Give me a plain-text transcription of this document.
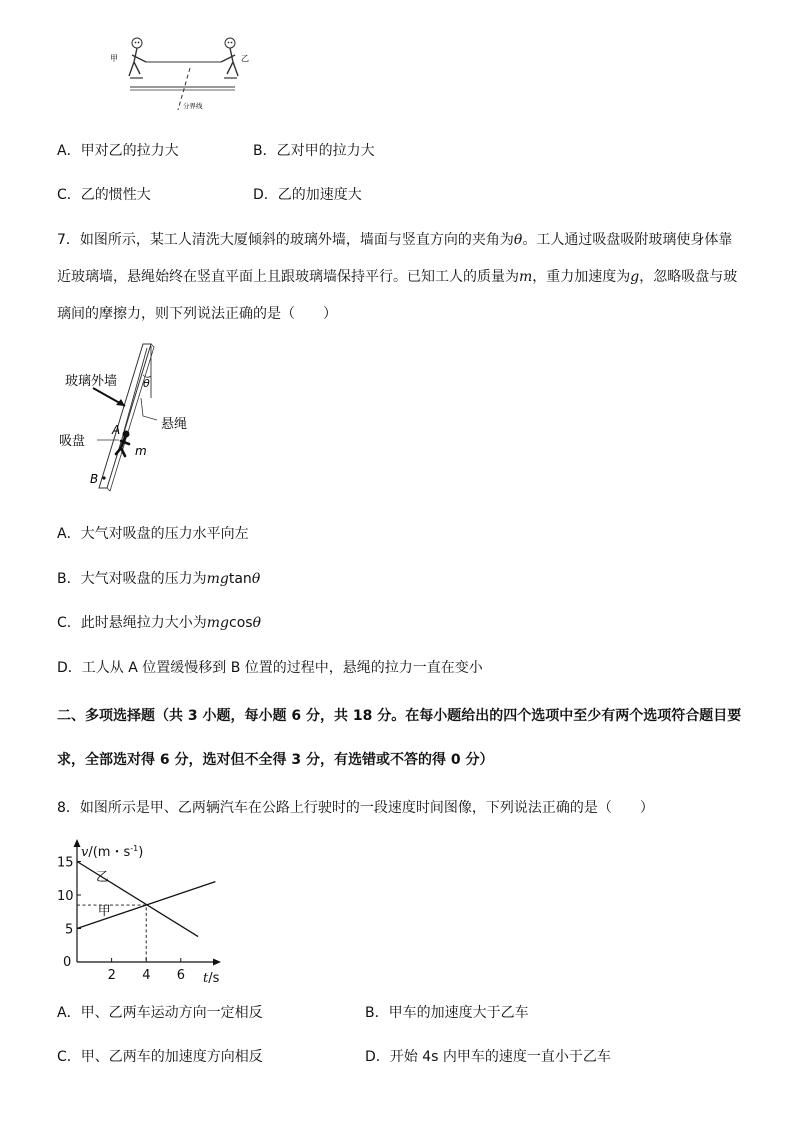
甲	乙
分界线
A．甲对乙的拉力大	B．乙对甲的拉力大
C．乙的惯性大	D．乙的加速度大
7．如图所示，某工人清洗大厦倾斜的玻璃外墙，墙面与竖直方向的夹角为θ。工人通过吸盘吸附玻璃使身体靠
近玻璃墙，悬绳始终在竖直平面上且跟玻璃墙保持平行。已知工人的质量为m，重力加速度为g，忽略吸盘与玻
璃间的摩擦力，则下列说法正确的是（　　）
θ
玻璃外墙
悬绳
吸盘
A
m
B
A．大气对吸盘的压力水平向左
B．大气对吸盘的压力为mgtanθ
C．此时悬绳拉力大小为mgcosθ
D．工人从 A 位置缓慢移到 B 位置的过程中，悬绳的拉力一直在变小
二、多项选择题（共 3 小题，每小题 6 分，共 18 分。在每小题给出的四个选项中至少有两个选项符合题目要
求，全部选对得 6 分，选对但不全得 3 分，有选错或不答的得 0 分）
8．如图所示是甲、乙两辆汽车在公路上行驶时的一段速度时间图像，下列说法正确的是（　　）
v/(m・$s^{-1}$)
t/s
0
2 4 6
5
10
15
甲
乙
A．甲、乙两车运动方向一定相反	B．甲车的加速度大于乙车
C．甲、乙两车的加速度方向相反	D．开始 4s 内甲车的速度一直小于乙车
